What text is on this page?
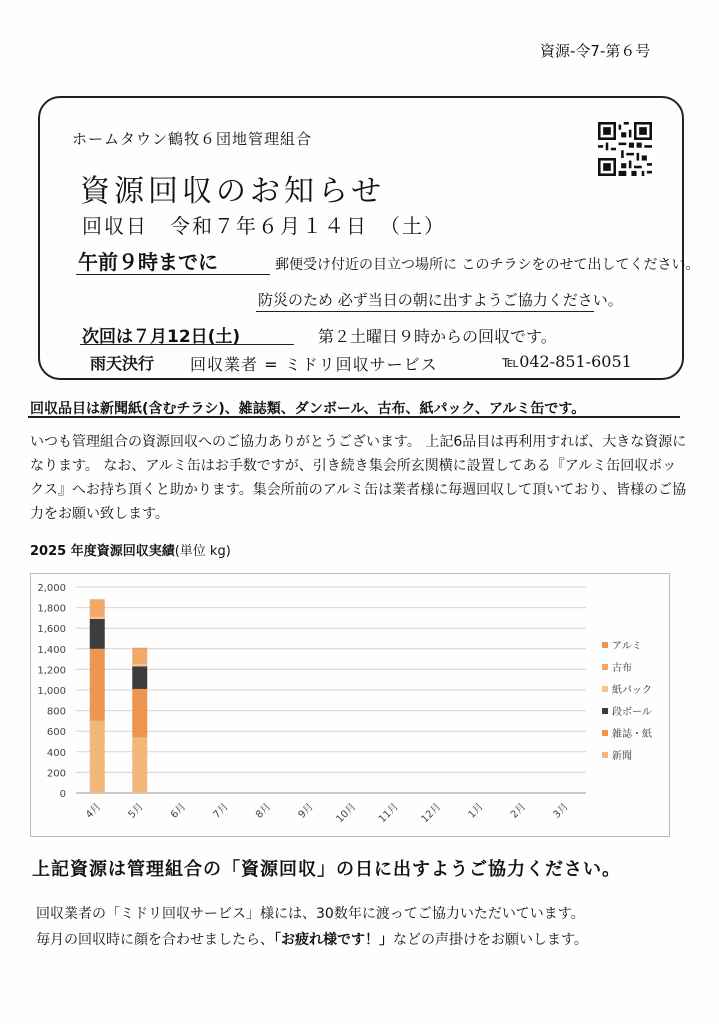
資源-令7-第６号
ホームタウン鶴牧６団地管理組合
資源回収のお知らせ
回収日　令和７年６月１４日　（土）
午前９時までに	郵便受け付近の目立つ場所に このチラシをのせて出してください。
防災のため 必ず当日の朝に出すようご協力ください。
次回は７月12日(土)	第２土曜日９時からの回収です。
雨天決行 回収業者 = ミドリ回収サービス	℡042-851-6051
回収品目は新聞紙(含むチラシ)、雑誌類、ダンボール、古布、紙パック、アルミ缶です。

いつも管理組合の資源回収へのご協力ありがとうございます。 上記6品目は再利用すれば、大きな資源になります。 なお、アルミ缶はお手数ですが、引き続き集会所玄関横に設置してある『アルミ缶回収ボックス』へお持ち頂くと助かります。集会所前のアルミ缶は業者様に毎週回収して頂いており、皆様のご協力をお願い致します。

2025 年度資源回収実績(単位 kg)
2,000
1,800
1,600
1,400
1,200
1,000
800
600
400
200
0
4月 5月 6月 7月 8月 9月 10月 11月 12月 1月 2月 3月
アルミ
古布
紙パック
段ボール
雑誌・紙
新聞
上記資源は管理組合の「資源回収」の日に出すようご協力ください。
回収業者の「ミドリ回収サービス」様には、30数年に渡ってご協力いただいています。
毎月の回収時に顔を合わせましたら、「お疲れ様です！」などの声掛けをお願いします。
